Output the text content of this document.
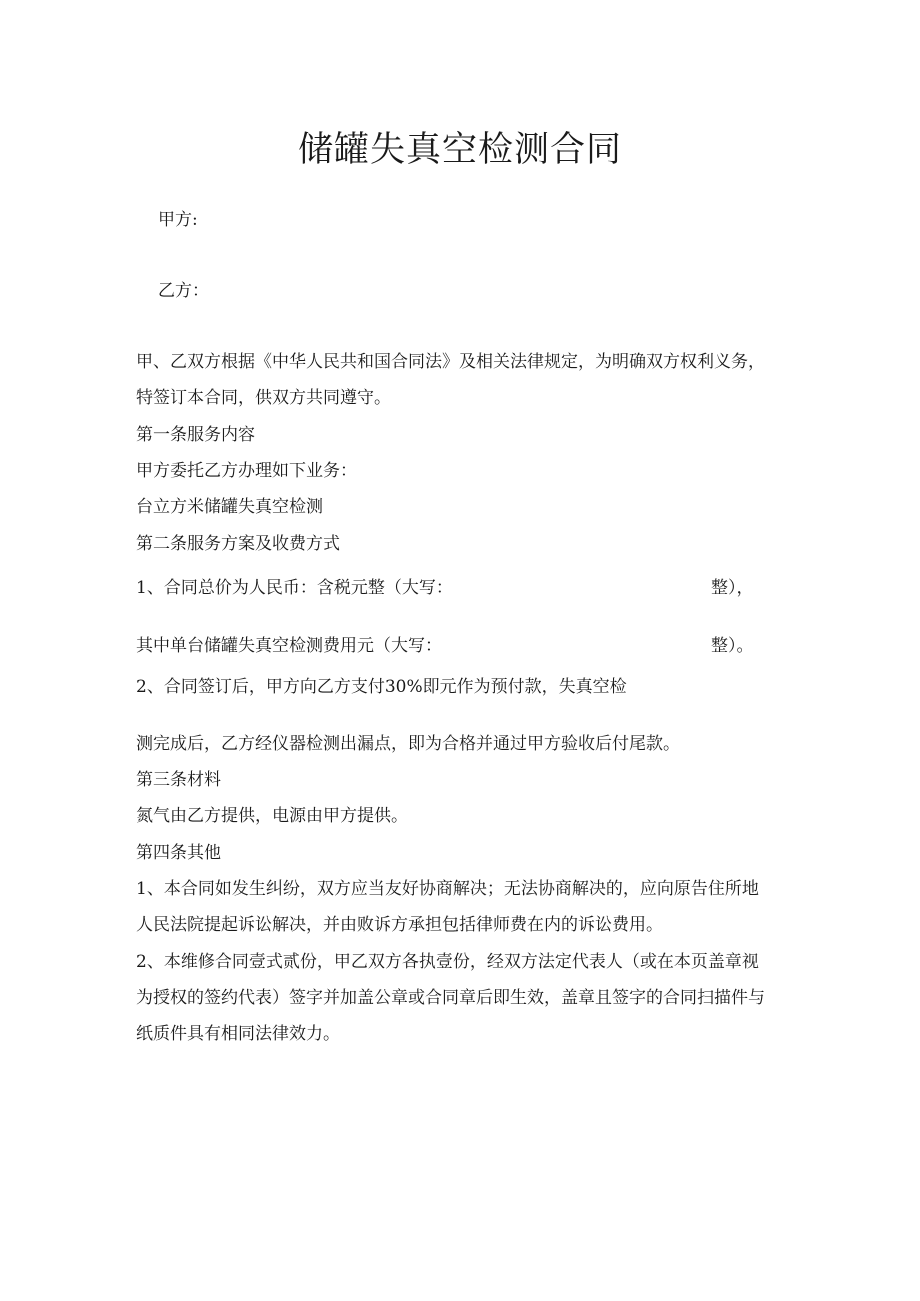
储罐失真空检测合同
甲方:
乙方：
甲、乙双方根据《中华人民共和国合同法》及相关法律规定，为明确双方权利义务，
特签订本合同，供双方共同遵守。
第一条服务内容
甲方委托乙方办理如下业务：
台立方米储罐失真空检测
第二条服务方案及收费方式
1、合同总价为人民币：含税元整（大写：	整），
其中单台储罐失真空检测费用元（大写：	整）。
2、合同签订后，甲方向乙方支付30%即元作为预付款，失真空检
测完成后，乙方经仪器检测出漏点，即为合格并通过甲方验收后付尾款。
第三条材料
氮气由乙方提供，电源由甲方提供。
第四条其他
1、本合同如发生纠纷，双方应当友好协商解决；无法协商解决的，应向原告住所地
人民法院提起诉讼解决，并由败诉方承担包括律师费在内的诉讼费用。
2、本维修合同壹式贰份，甲乙双方各执壹份，经双方法定代表人（或在本页盖章视
为授权的签约代表）签字并加盖公章或合同章后即生效，盖章且签字的合同扫描件与
纸质件具有相同法律效力。
